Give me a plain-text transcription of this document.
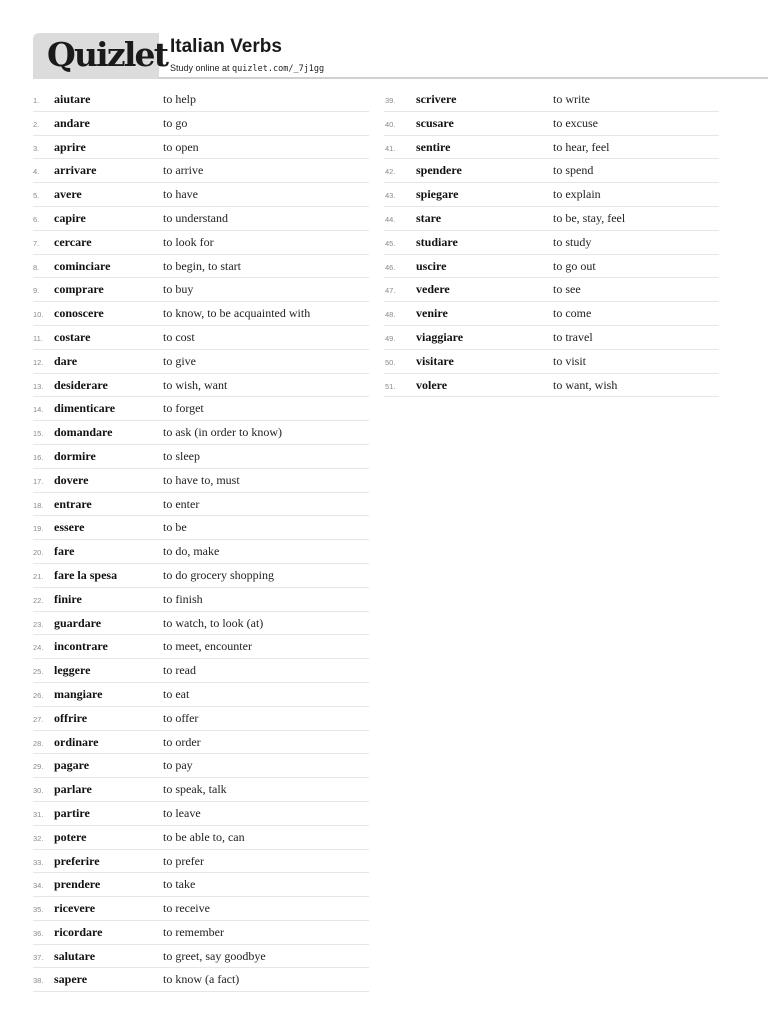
Quizlet Italian Verbs
Study online at quizlet.com/_7j1gg
1.	aiutare	to help
2.	andare	to go
3.	aprire	to open
4.	arrivare	to arrive
5.	avere	to have
6.	capire	to understand
7.	cercare	to look for
8.	cominciare	to begin, to start
9.	comprare	to buy
10. conoscere	to know, to be acquainted with
11. costare	to cost
12. dare	to give
13. desiderare	to wish, want
14. dimenticare	to forget
15. domandare	to ask (in order to know)
16. dormire	to sleep
17. dovere	to have to, must
18. entrare	to enter
19. essere	to be
20. fare	to do, make
21. fare la spesa	to do grocery shopping
22. finire	to finish
23. guardare	to watch, to look (at)
24. incontrare	to meet, encounter
25. leggere	to read
26. mangiare	to eat
27. offrire	to offer
28. ordinare	to order
29. pagare	to pay
30. parlare	to speak, talk
31. partire	to leave
32. potere	to be able to, can
33. preferire	to prefer
34. prendere	to take
35. ricevere	to receive
36. ricordare	to remember
37. salutare	to greet, say goodbye
38. sapere	to know (a fact)
39.	scrivere	to write
40.	scusare	to excuse
41.	sentire	to hear, feel
42.	spendere	to spend
43.	spiegare	to explain
44.	stare	to be, stay, feel
45.	studiare	to study
46.	uscire	to go out
47.	vedere	to see
48.	venire	to come
49.	viaggiare	to travel
50.	visitare	to visit
51.	volere	to want, wish
